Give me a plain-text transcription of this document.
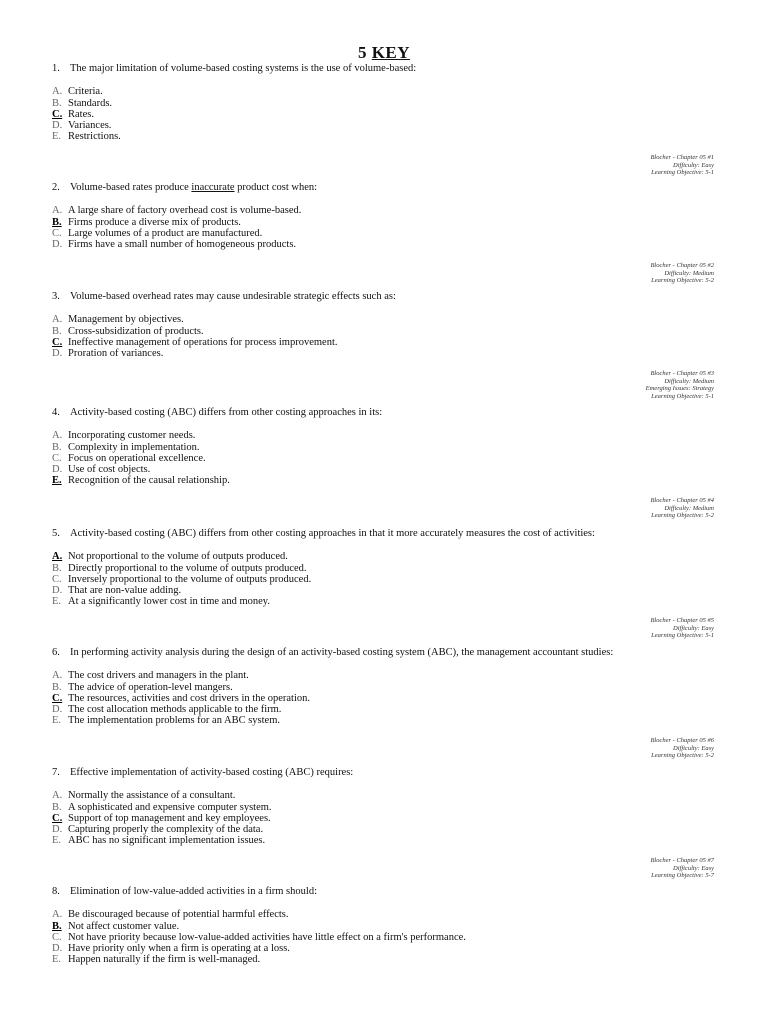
5 KEY
1. The major limitation of volume-based costing systems is the use of volume-based:
A. Criteria.
B. Standards.
C. Rates.
D. Variances.
E. Restrictions.
Blocher - Chapter 05 #1
Difficulty: Easy
Learning Objective: 5-1
2. Volume-based rates produce inaccurate product cost when:
A. A large share of factory overhead cost is volume-based.
B. Firms produce a diverse mix of products.
C. Large volumes of a product are manufactured.
D. Firms have a small number of homogeneous products.
Blocher - Chapter 05 #2
Difficulty: Medium
Learning Objective: 5-2
3. Volume-based overhead rates may cause undesirable strategic effects such as:
A. Management by objectives.
B. Cross-subsidization of products.
C. Ineffective management of operations for process improvement.
D. Proration of variances.
Blocher - Chapter 05 #3
Difficulty: Medium
Emerging Issues: Strategy
Learning Objective: 5-1
4. Activity-based costing (ABC) differs from other costing approaches in its:
A. Incorporating customer needs.
B. Complexity in implementation.
C. Focus on operational excellence.
D. Use of cost objects.
E. Recognition of the causal relationship.
Blocher - Chapter 05 #4
Difficulty: Medium
Learning Objective: 5-2
5. Activity-based costing (ABC) differs from other costing approaches in that it more accurately measures the cost of activities:
A. Not proportional to the volume of outputs produced.
B. Directly proportional to the volume of outputs produced.
C. Inversely proportional to the volume of outputs produced.
D. That are non-value adding.
E. At a significantly lower cost in time and money.
Blocher - Chapter 05 #5
Difficulty: Easy
Learning Objective: 5-1
6. In performing activity analysis during the design of an activity-based costing system (ABC), the management accountant studies:
A. The cost drivers and managers in the plant.
B. The advice of operation-level mangers.
C. The resources, activities and cost drivers in the operation.
D. The cost allocation methods applicable to the firm.
E. The implementation problems for an ABC system.
Blocher - Chapter 05 #6
Difficulty: Easy
Learning Objective: 5-2
7. Effective implementation of activity-based costing (ABC) requires:
A. Normally the assistance of a consultant.
B. A sophisticated and expensive computer system.
C. Support of top management and key employees.
D. Capturing properly the complexity of the data.
E. ABC has no significant implementation issues.
Blocher - Chapter 05 #7
Difficulty: Easy
Learning Objective: 5-7
8. Elimination of low-value-added activities in a firm should:
A. Be discouraged because of potential harmful effects.
B. Not affect customer value.
C. Not have priority because low-value-added activities have little effect on a firm's performance.
D. Have priority only when a firm is operating at a loss.
E. Happen naturally if the firm is well-managed.
